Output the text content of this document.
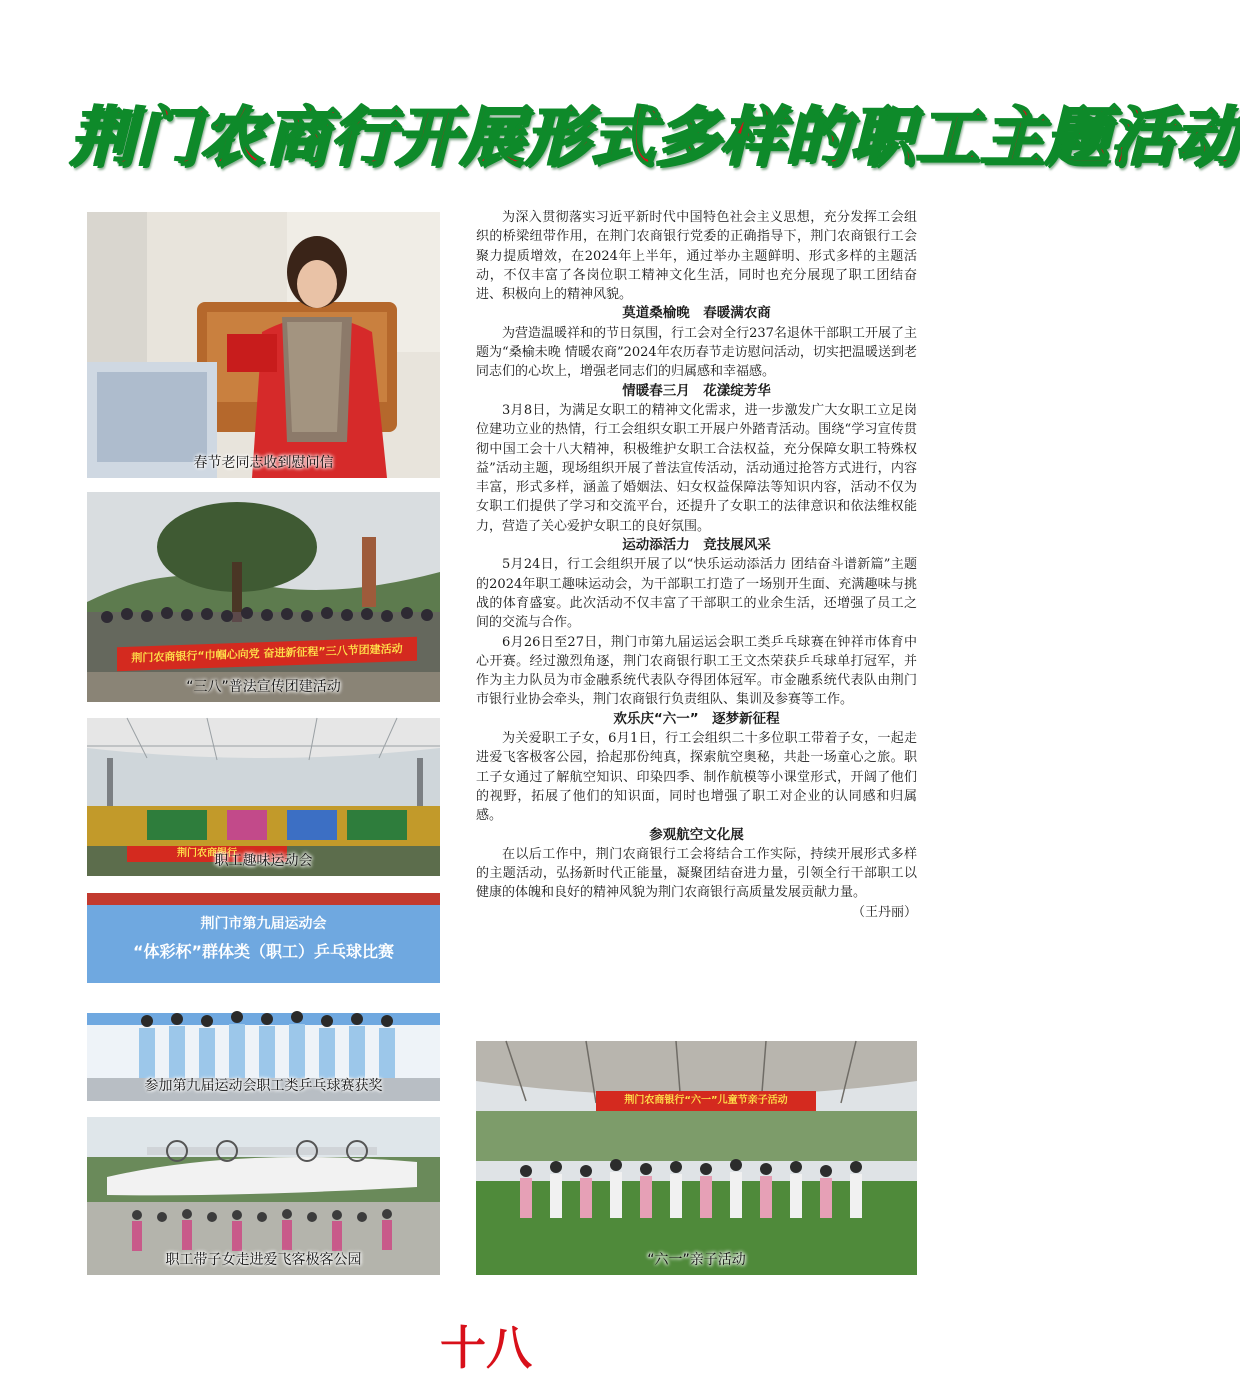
荆门农商行开展形式多样的职工主题活动
春节老同志收到慰问信
荆门农商银行“巾帼心向党 奋进新征程”三八节团建活动
“三八”普法宣传团建活动
荆门农商银行
职工趣味运动会
荆门市第九届运动会
“体彩杯”群体类（职工）乒乓球比赛
参加第九届运动会职工类乒乓球赛获奖
职工带子女走进爱飞客极客公园
荆门农商银行“六一”儿童节亲子活动
“六一”亲子活动

为深入贯彻落实习近平新时代中国特色社会主义思想，充分发挥工会组织的桥梁纽带作用，在荆门农商银行党委的正确指导下，荆门农商银行工会聚力提质增效，在2024年上半年，通过举办主题鲜明、形式多样的主题活动，不仅丰富了各岗位职工精神文化生活，同时也充分展现了职工团结奋进、积极向上的精神风貌。

莫道桑榆晚　春暖满农商

为营造温暖祥和的节日氛围，行工会对全行237名退休干部职工开展了主题为“桑榆未晚 情暖农商”2024年农历春节走访慰问活动，切实把温暖送到老同志们的心坎上，增强老同志们的归属感和幸福感。

情暖春三月　花漾绽芳华

3月8日，为满足女职工的精神文化需求，进一步激发广大女职工立足岗位建功立业的热情，行工会组织女职工开展户外踏青活动。围绕“学习宣传贯彻中国工会十八大精神，积极维护女职工合法权益，充分保障女职工特殊权益”活动主题，现场组织开展了普法宣传活动，活动通过抢答方式进行，内容丰富，形式多样，涵盖了婚姻法、妇女权益保障法等知识内容，活动不仅为女职工们提供了学习和交流平台，还提升了女职工的法律意识和依法维权能力，营造了关心爱护女职工的良好氛围。

运动添活力　竞技展风采

5月24日，行工会组织开展了以“快乐运动添活力 团结奋斗谱新篇”主题的2024年职工趣味运动会，为干部职工打造了一场别开生面、充满趣味与挑战的体育盛宴。此次活动不仅丰富了干部职工的业余生活，还增强了员工之间的交流与合作。

6月26日至27日，荆门市第九届运运会职工类乒乓球赛在钟祥市体育中心开赛。经过激烈角逐，荆门农商银行职工王文杰荣获乒乓球单打冠军，并作为主力队员为市金融系统代表队夺得团体冠军。市金融系统代表队由荆门市银行业协会牵头，荆门农商银行负责组队、集训及参赛等工作。

欢乐庆“六一”　逐梦新征程

为关爱职工子女，6月1日，行工会组织二十多位职工带着子女，一起走进爱飞客极客公园，拾起那份纯真，探索航空奥秘，共赴一场童心之旅。职工子女通过了解航空知识、印染四季、制作航模等小课堂形式，开阔了他们的视野，拓展了他们的知识面，同时也增强了职工对企业的认同感和归属感。

参观航空文化展

在以后工作中，荆门农商银行工会将结合工作实际，持续开展形式多样的主题活动，弘扬新时代正能量，凝聚团结奋进力量，引领全行干部职工以健康的体魄和良好的精神风貌为荆门农商银行高质量发展贡献力量。

（王丹丽）
十八
